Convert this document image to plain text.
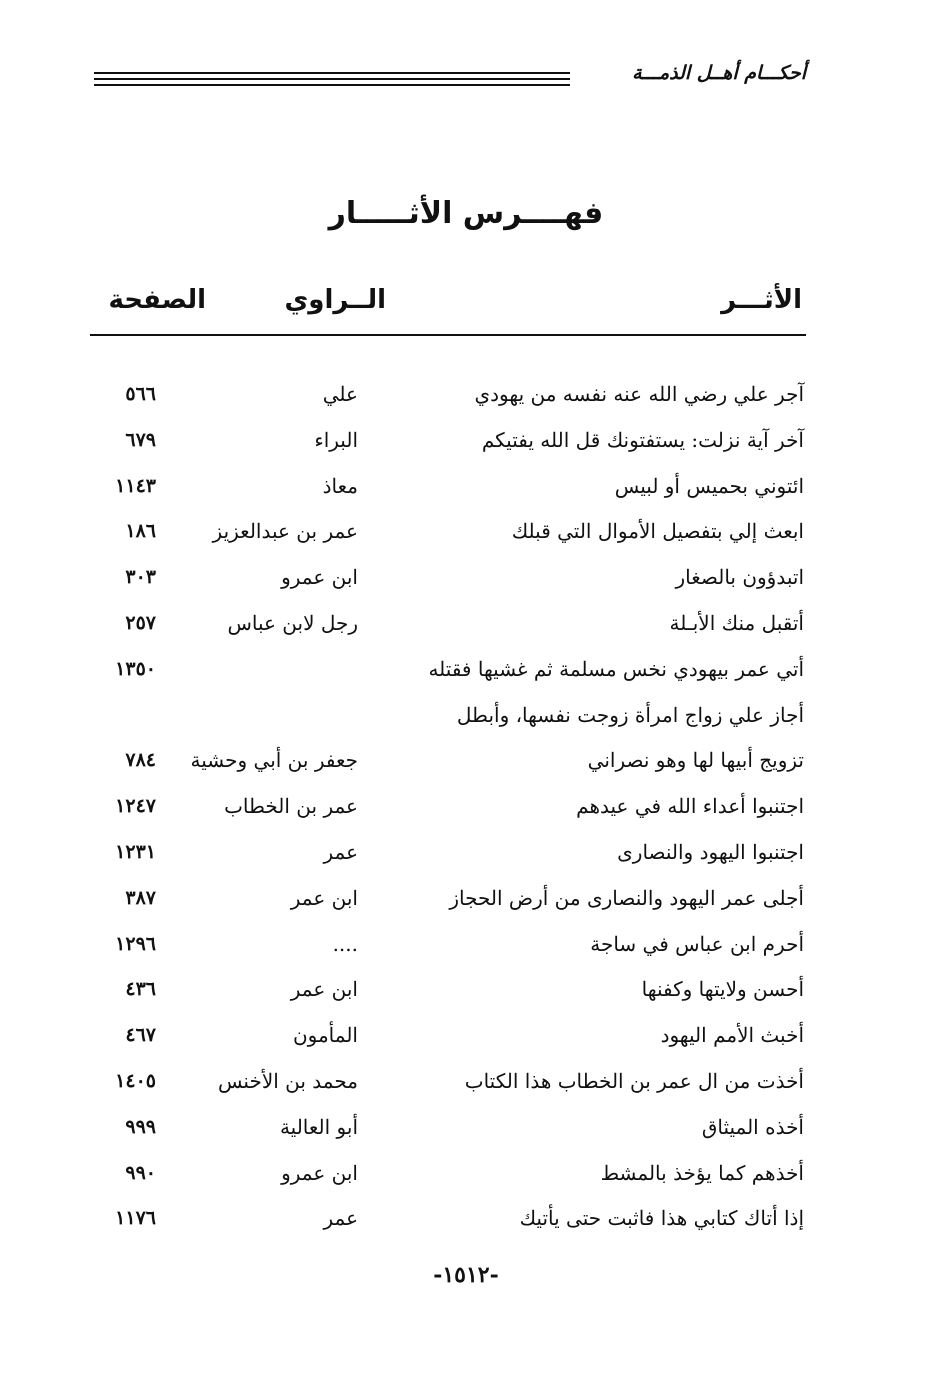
أحكـــام أهــل الذمـــة
فهــــرس الأثـــــار
الأثـــر
الــراوي
الصفحة
آجر علي رضي الله عنه نفسه من يهودي
علي
٥٦٦
آخر آية نزلت: يستفتونك قل الله يفتيكم
البراء
٦٧٩
ائتوني بحميس أو لبيس
معاذ
١١٤٣
ابعث إلي بتفصيل الأموال التي قبلك
عمر بن عبدالعزيز
١٨٦
اتبدؤون بالصغار
ابن عمرو
٣٠٣
أتقبل منك الأبـلة
رجل لابن عباس
٢٥٧
أتي عمر بيهودي نخس مسلمة ثم غشيها فقتله
١٣٥٠
أجاز علي زواج امرأة زوجت نفسها، وأبطل
تزويج أبيها لها وهو نصراني
جعفر بن أبي وحشية
٧٨٤
اجتنبوا أعداء الله في عيدهم
عمر بن الخطاب
١٢٤٧
اجتنبوا اليهود والنصارى
عمر
١٢٣١
أجلى عمر اليهود والنصارى من أرض الحجاز
ابن عمر
٣٨٧
أحرم ابن عباس في ساجة
....
١٢٩٦
أحسن ولايتها وكفنها
ابن عمر
٤٣٦
أخبث الأمم اليهود
المأمون
٤٦٧
أخذت من ال عمر بن الخطاب هذا الكتاب
محمد بن الأخنس
١٤٠٥
أخذه الميثاق
أبو العالية
٩٩٩
أخذهم كما يؤخذ بالمشط
ابن عمرو
٩٩٠
إذا أتاك كتابي هذا فاثبت حتى يأتيك
عمر
١١٧٦
-١٥١٢-
